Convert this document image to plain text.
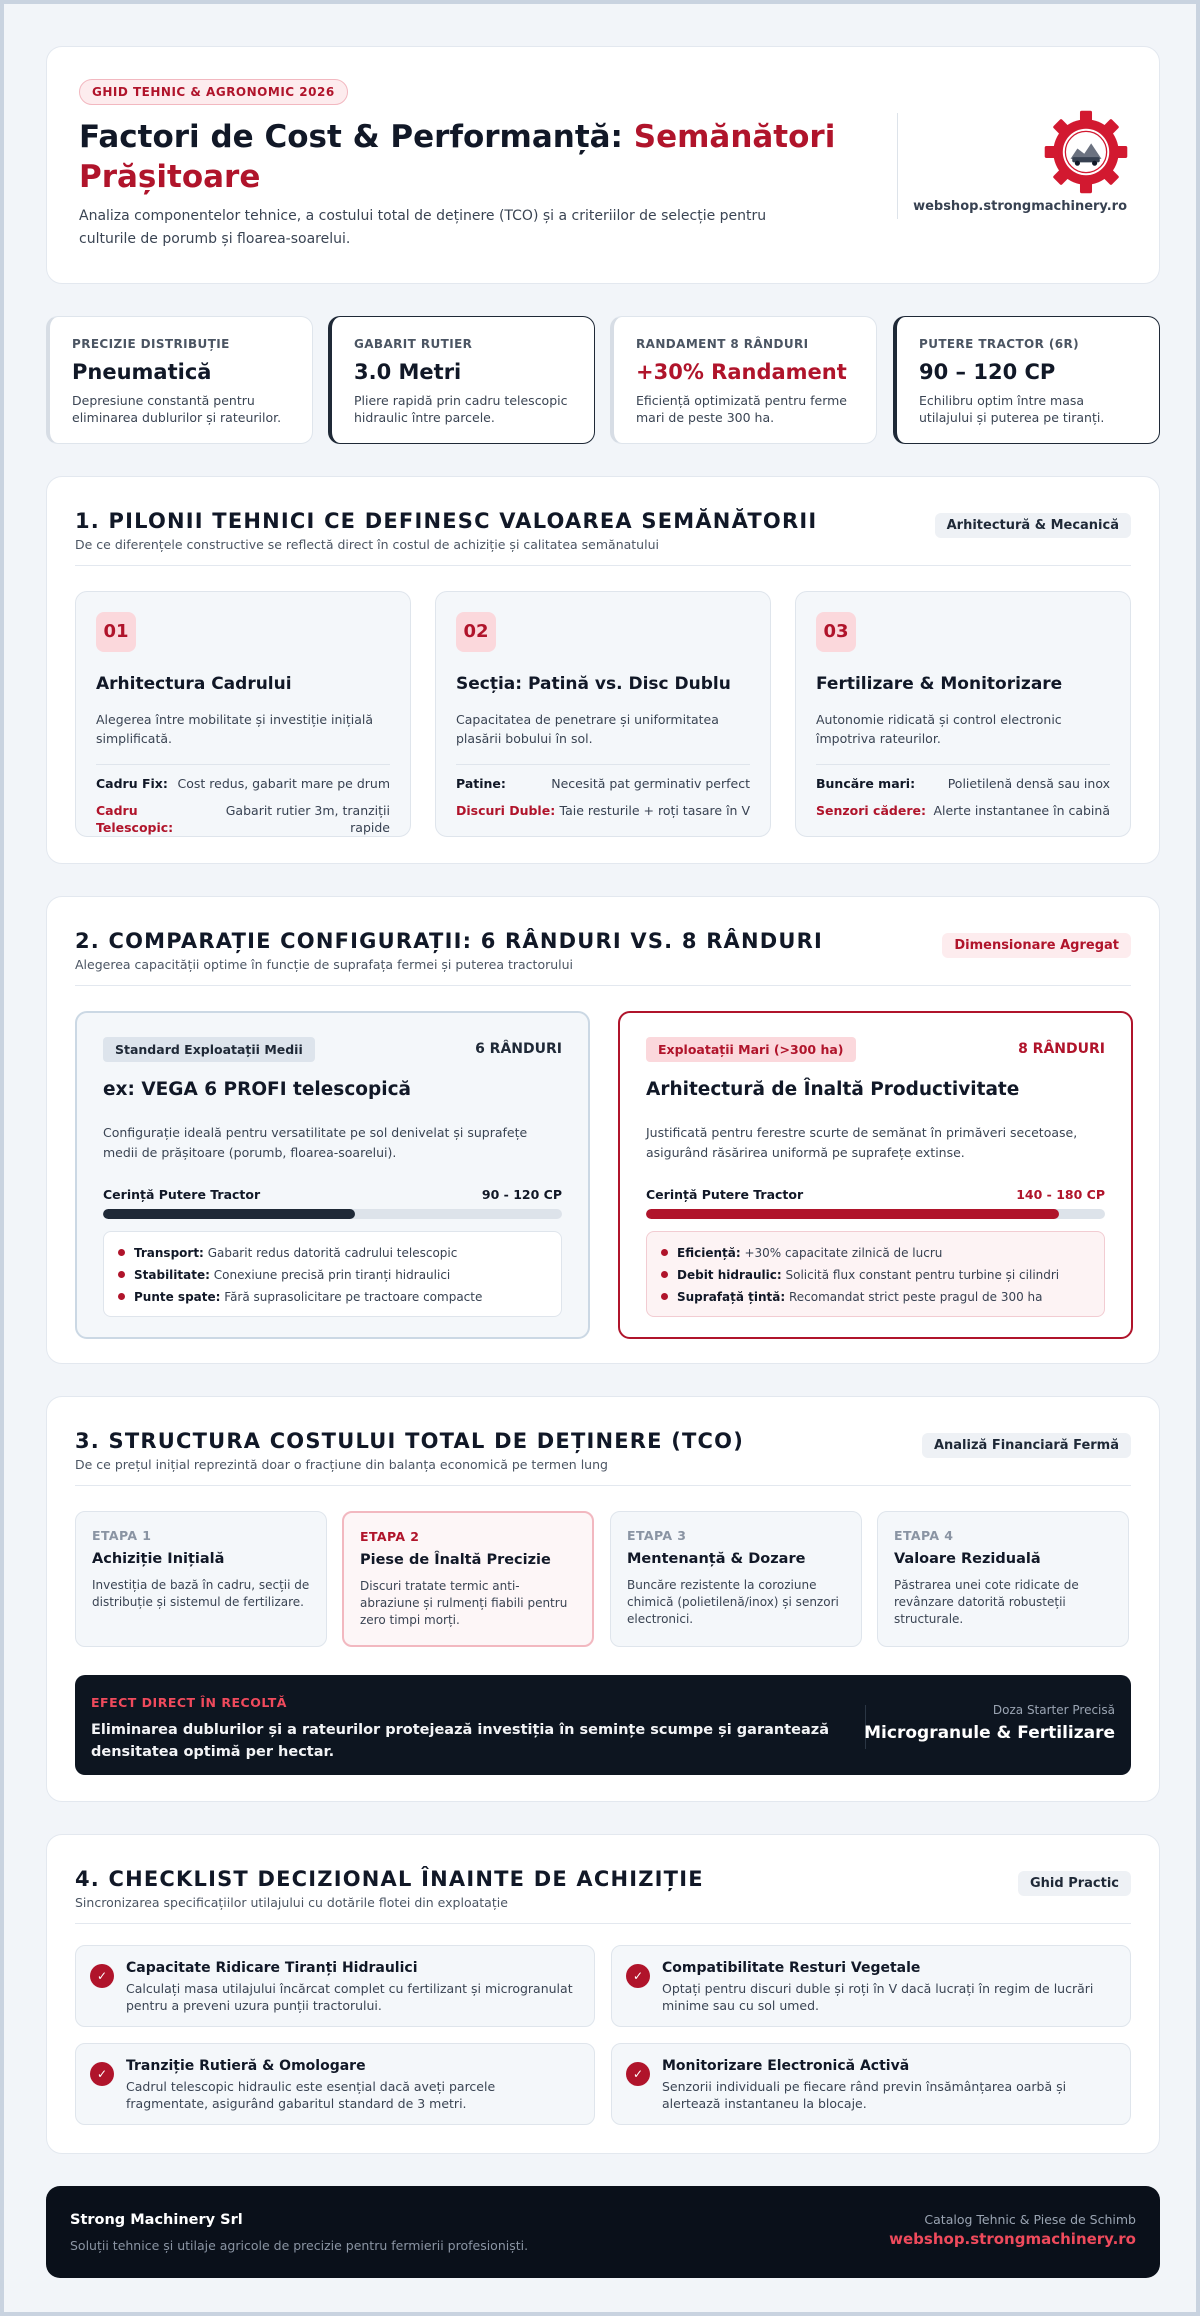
GHID TEHNIC & AGRONOMIC 2026
Factori de Cost & Performanță: Semănători Prășitoare

Analiza componentelor tehnice, a costului total de deținere (TCO) și a criteriilor de selecție pentru culturile de porumb și floarea-soarelui.

webshop.strongmachinery.ro
PRECIZIE DISTRIBUȚIE
Pneumatică
Depresiune constantă pentru eliminarea dublurilor și rateurilor.
GABARIT RUTIER
3.0 Metri
Pliere rapidă prin cadru telescopic hidraulic între parcele.
RANDAMENT 8 RÂNDURI
+30% Randament
Eficiență optimizată pentru ferme mari de peste 300 ha.
PUTERE TRACTOR (6R)
90 – 120 CP
Echilibru optim între masa utilajului și puterea pe tiranți.
1. PILONII TEHNICI CE DEFINESC VALOAREA SEMĂNĂTORII
De ce diferențele constructive se reflectă direct în costul de achiziție și calitatea semănatului
Arhitectură & Mecanică
01
Arhitectura Cadrului
Alegerea între mobilitate și investiție inițială simplificată.
Cadru Fix: Cost redus, gabarit mare pe drum
Cadru Telescopic:
Gabarit rutier 3m, tranziții rapide
02
Secția: Patină vs. Disc Dublu
Capacitatea de penetrare și uniformitatea plasării bobului în sol.
Patine:	Necesită pat germinativ perfect
Discuri Duble: Taie resturile + roți tasare în V
03
Fertilizare & Monitorizare
Autonomie ridicată și control electronic împotriva rateurilor.
Buncăre mari:	Polietilenă densă sau inox
Senzori cădere: Alerte instantanee în cabină
2. COMPARAȚIE CONFIGURAȚII: 6 RÂNDURI VS. 8 RÂNDURI
Alegerea capacității optime în funcție de suprafața fermei și puterea tractorului
Dimensionare Agregat
Standard Exploatații Medii	6 RÂNDURI
ex: VEGA 6 PROFI telescopică
Configurație ideală pentru versatilitate pe sol denivelat și suprafețe medii de prășitoare (porumb, floarea-soarelui).
Cerință Putere Tractor	90 - 120 CP
Transport: Gabarit redus datorită cadrului telescopic
Stabilitate: Conexiune precisă prin tiranți hidraulici
Punte spate: Fără suprasolicitare pe tractoare compacte
Exploatații Mari (>300 ha)	8 RÂNDURI
Arhitectură de Înaltă Productivitate
Justificată pentru ferestre scurte de semănat în primăveri secetoase, asigurând răsărirea uniformă pe suprafețe extinse.
Cerință Putere Tractor	140 - 180 CP
Eficiență: +30% capacitate zilnică de lucru
Debit hidraulic: Solicită flux constant pentru turbine și cilindri
Suprafață țintă: Recomandat strict peste pragul de 300 ha
3. STRUCTURA COSTULUI TOTAL DE DEȚINERE (TCO)
De ce prețul inițial reprezintă doar o fracțiune din balanța economică pe termen lung
Analiză Financiară Fermă
ETAPA 1
Achiziție Inițială
Investiția de bază în cadru, secții de distribuție și sistemul de fertilizare.
ETAPA 2
Piese de Înaltă Precizie
Discuri tratate termic anti-abraziune și rulmenți fiabili pentru zero timpi morți.
ETAPA 3
Mentenanță & Dozare
Buncăre rezistente la coroziune chimică (polietilenă/inox) și senzori electronici.
ETAPA 4
Valoare Reziduală
Păstrarea unei cote ridicate de revânzare datorită robusteții structurale.
EFECT DIRECT ÎN RECOLTĂ
Eliminarea dublurilor și a rateurilor protejează investiția în semințe scumpe și garantează densitatea optimă per hectar.
Doza Starter Precisă
Microgranule & Fertilizare
4. CHECKLIST DECIZIONAL ÎNAINTE DE ACHIZIȚIE
Sincronizarea specificațiilor utilajului cu dotările flotei din exploatație
Ghid Practic
✓	Capacitate Ridicare Tiranți Hidraulici
Calculați masa utilajului încărcat complet cu fertilizant și microgranulat pentru a preveni uzura punții tractorului.
✓	Compatibilitate Resturi Vegetale
Optați pentru discuri duble și roți în V dacă lucrați în regim de lucrări minime sau cu sol umed.
✓	Tranziție Rutieră & Omologare
Cadrul telescopic hidraulic este esențial dacă aveți parcele fragmentate, asigurând gabaritul standard de 3 metri.
✓	Monitorizare Electronică Activă
Senzorii individuali pe fiecare rând previn însămânțarea oarbă și alertează instantaneu la blocaje.
Strong Machinery Srl
Soluții tehnice și utilaje agricole de precizie pentru fermierii profesioniști.
Catalog Tehnic & Piese de Schimb
webshop.strongmachinery.ro
